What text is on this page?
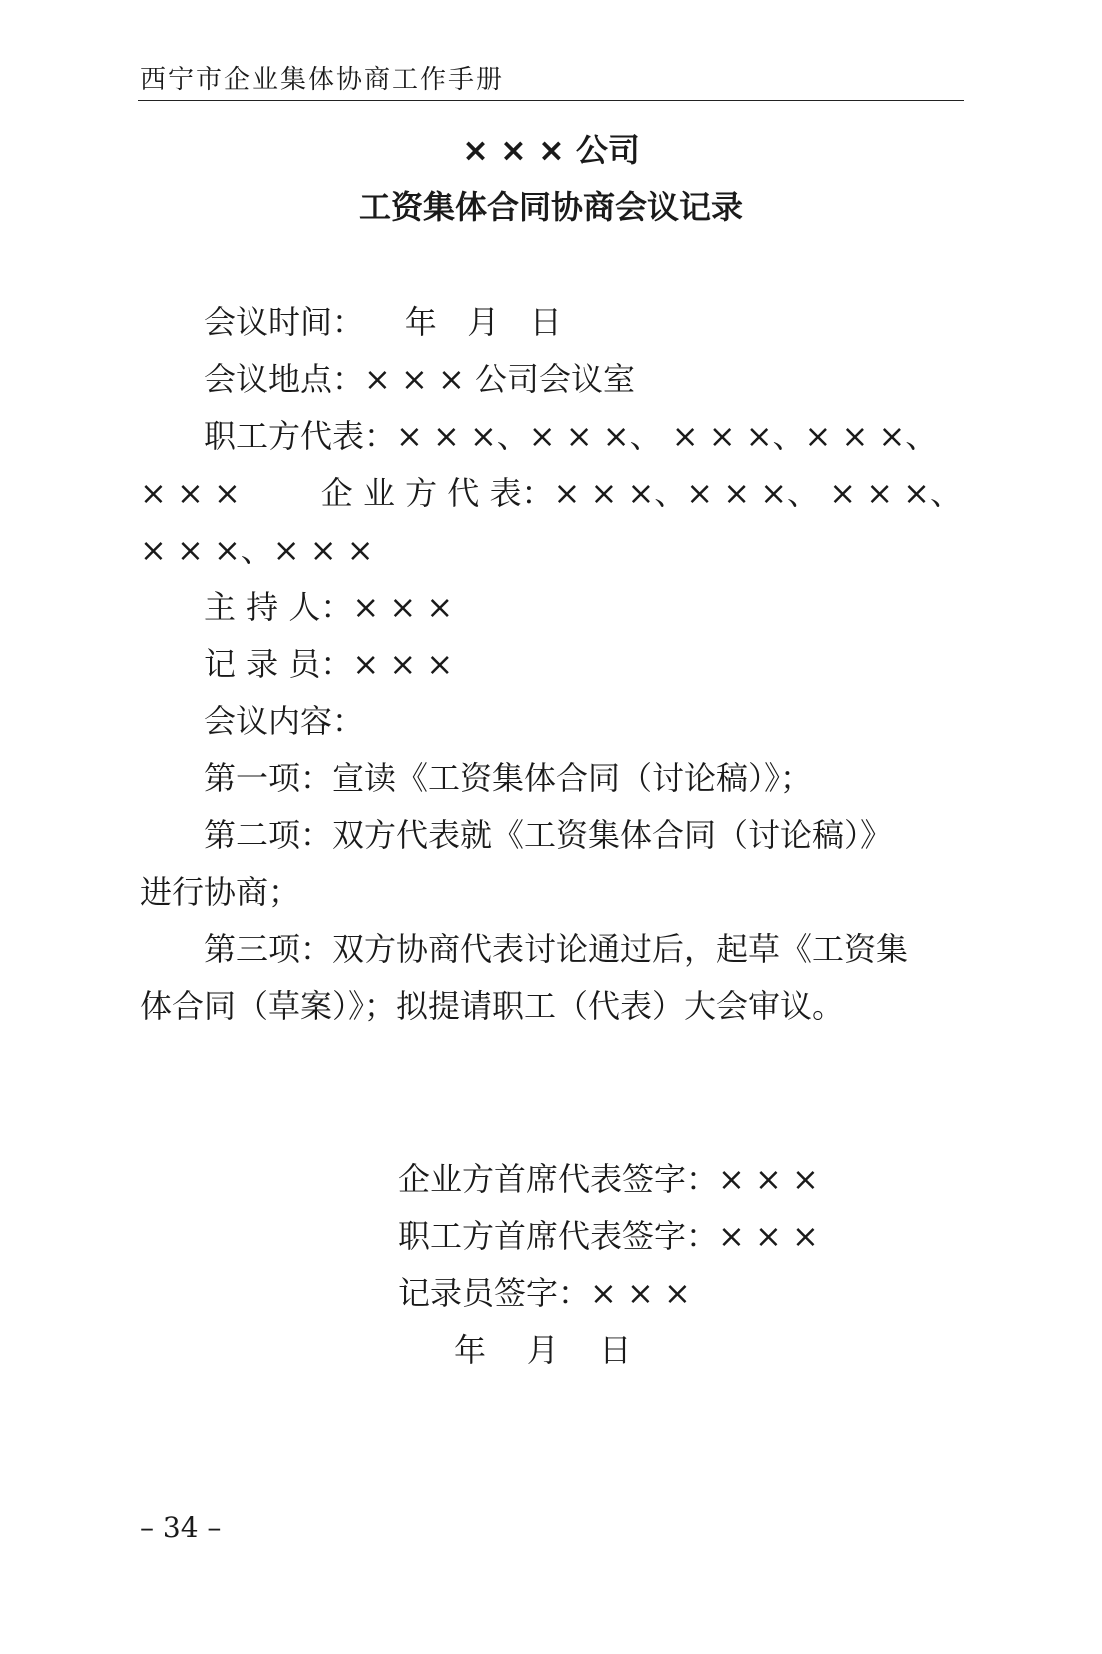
西宁市企业集体协商工作手册
× × × 公司
工资集体合同协商会议记录
会议时间：    年   月   日
会议地点：× × × 公司会议室
职工方代表：× × ×、× × ×、 × × ×、× × ×、
× × ×	企 业 方 代 表：× × ×、× × ×、 × × ×、
× × ×、× × ×
主 持 人：× × ×
记 录 员：× × ×
会议内容：
第一项：宣读《工资集体合同（讨论稿）》；
第二项：双方代表就《工资集体合同（讨论稿）》
进行协商；
第三项：双方协商代表讨论通过后，起草《工资集
体合同（草案）》；拟提请职工（代表）大会审议。
企业方首席代表签字：× × ×
职工方首席代表签字：× × ×
记录员签字：× × ×
年    月    日
– 34 –
